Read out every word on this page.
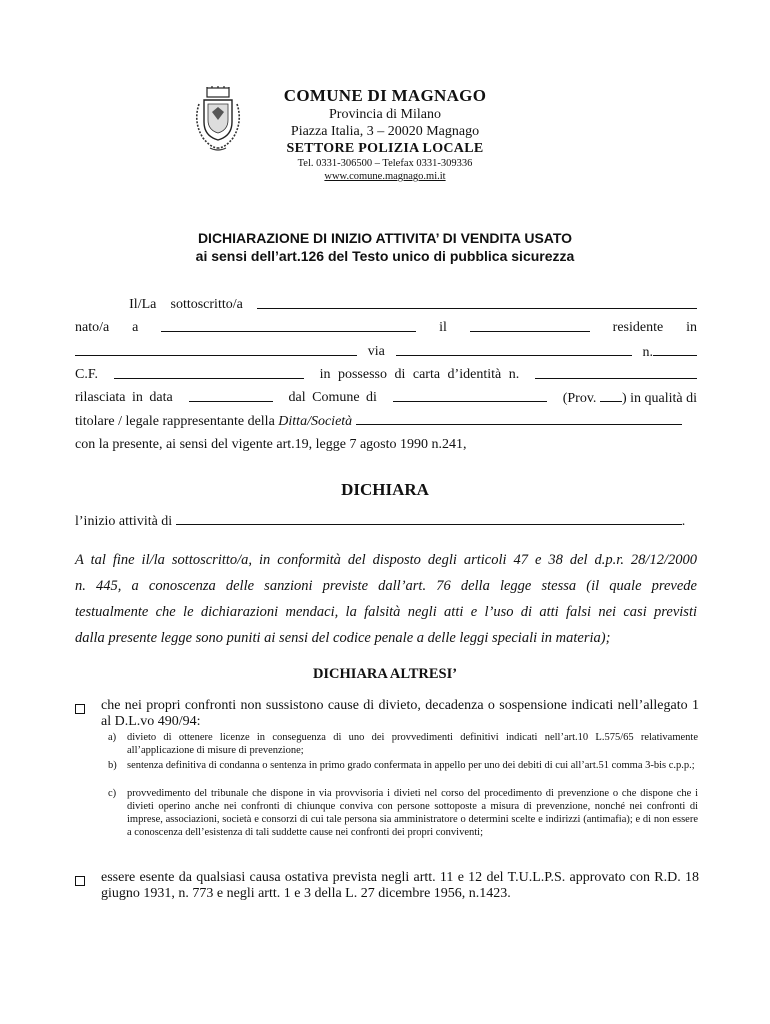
COMUNE DI MAGNAGO
Provincia di Milano
Piazza Italia, 3 – 20020 Magnago
SETTORE POLIZIA LOCALE
Tel. 0331-306500 – Telefax 0331-309336
www.comune.magnago.mi.it
DICHIARAZIONE DI INIZIO ATTIVITA’ DI VENDITA USATO
ai sensi dell’art.126 del Testo unico di pubblica sicurezza
Il/La sottoscritto/a
nato/a a	il	residente in
via	n.
C.F.	in possesso di carta d’identità n.
rilasciata in data	dal Comune di	(Prov. ) in qualità di
titolare / legale rappresentante della Ditta/Società
con la presente, ai sensi del vigente art.19, legge 7 agosto 1990 n.241,
DICHIARA
l’inizio attività di	.
A tal fine il/la sottoscritto/a, in conformità del disposto degli articoli 47 e 38 del d.p.r. 28/12/2000
n. 445, a conoscenza delle sanzioni previste dall’art. 76 della legge stessa (il quale prevede
testualmente che le dichiarazioni mendaci, la falsità negli atti e l’uso di atti falsi nei casi previsti
dalla presente legge sono puniti ai sensi del codice penale a delle leggi speciali in materia);
DICHIARA ALTRESI’
che nei propri confronti non sussistono cause di divieto, decadenza o sospensione indicati nell’allegato 1 al D.L.vo 490/94:
a) divieto di ottenere licenze in conseguenza di uno dei provvedimenti definitivi indicati nell’art.10 L.575/65 relativamente all’applicazione di misure di prevenzione;
b) sentenza definitiva di condanna o sentenza in primo grado confermata in appello per uno dei debiti di cui all’art.51 comma 3-bis c.p.p.;
c) provvedimento del tribunale che dispone in via provvisoria i divieti nel corso del procedimento di prevenzione o che dispone che i divieti operino anche nei confronti di chiunque conviva con persone sottoposte a misura di prevenzione, nonché nei confronti di imprese, associazioni, società e consorzi di cui tale persona sia amministratore o determini scelte e indirizzi (antimafia); e di non essere a conoscenza dell’esistenza di tali suddette cause nei confronti dei propri conviventi;
essere esente da qualsiasi causa ostativa prevista negli artt. 11 e 12 del T.U.L.P.S. approvato con R.D. 18 giugno 1931, n. 773 e negli artt. 1 e 3 della L. 27 dicembre 1956, n.1423.
